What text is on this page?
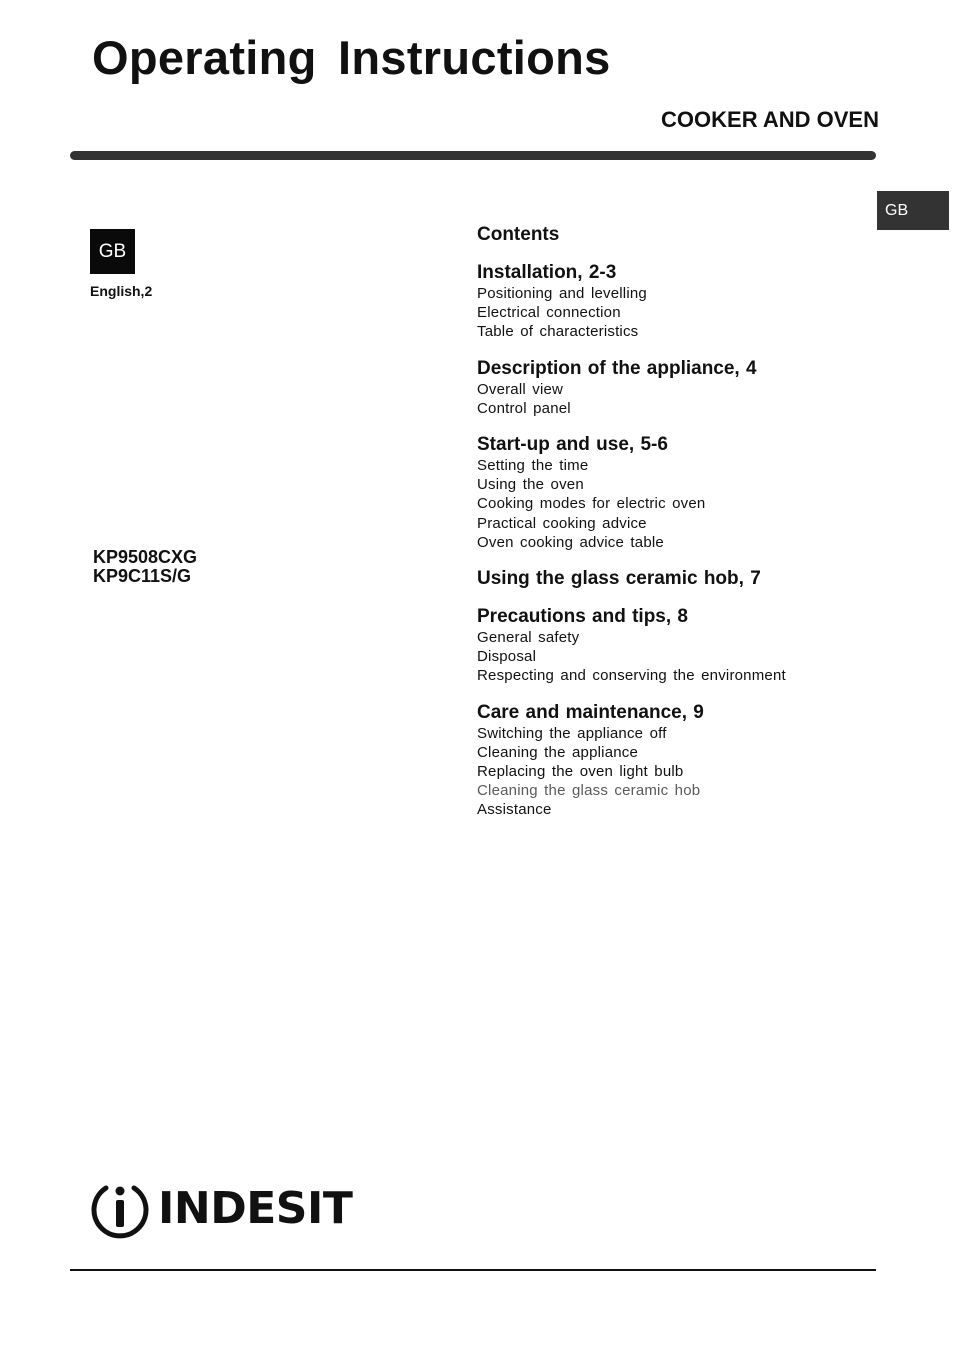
Operating Instructions
COOKER AND OVEN
GB
GB
English,2
KP9508CXG
KP9C11S/G
Contents
Installation, 2-3
Positioning and levelling
Electrical connection
Table of characteristics
Description of the appliance, 4
Overall view
Control panel
Start-up and use, 5-6
Setting the time
Using the oven
Cooking modes for electric oven
Practical cooking advice
Oven cooking advice table
Using the glass ceramic hob, 7
Precautions and tips, 8
General safety
Disposal
Respecting and conserving the environment
Care and maintenance, 9
Switching the appliance off
Cleaning the appliance
Replacing the oven light bulb
Cleaning the glass ceramic hob
Assistance
INDESIT
